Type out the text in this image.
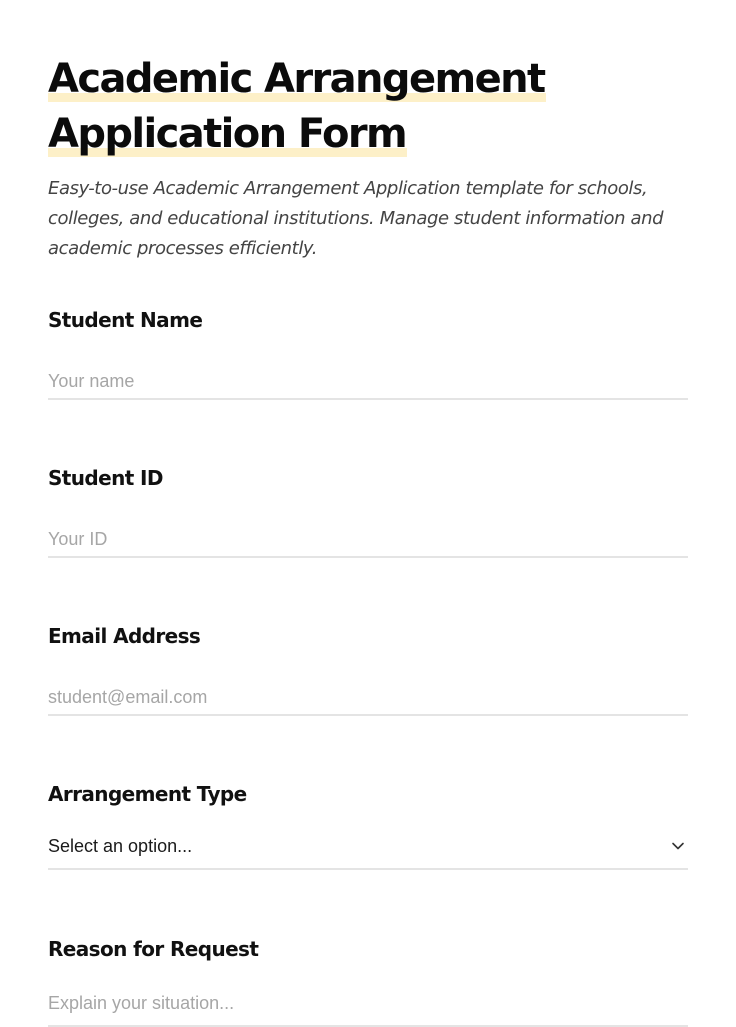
Academic Arrangement
Application Form

Easy-to-use Academic Arrangement Application template for schools, colleges, and educational institutions. Manage student information and academic processes efficiently.

Student Name
Your name
Student ID
Your ID
Email Address
student@email.com
Arrangement Type
Select an option...
Reason for Request
Explain your situation...
